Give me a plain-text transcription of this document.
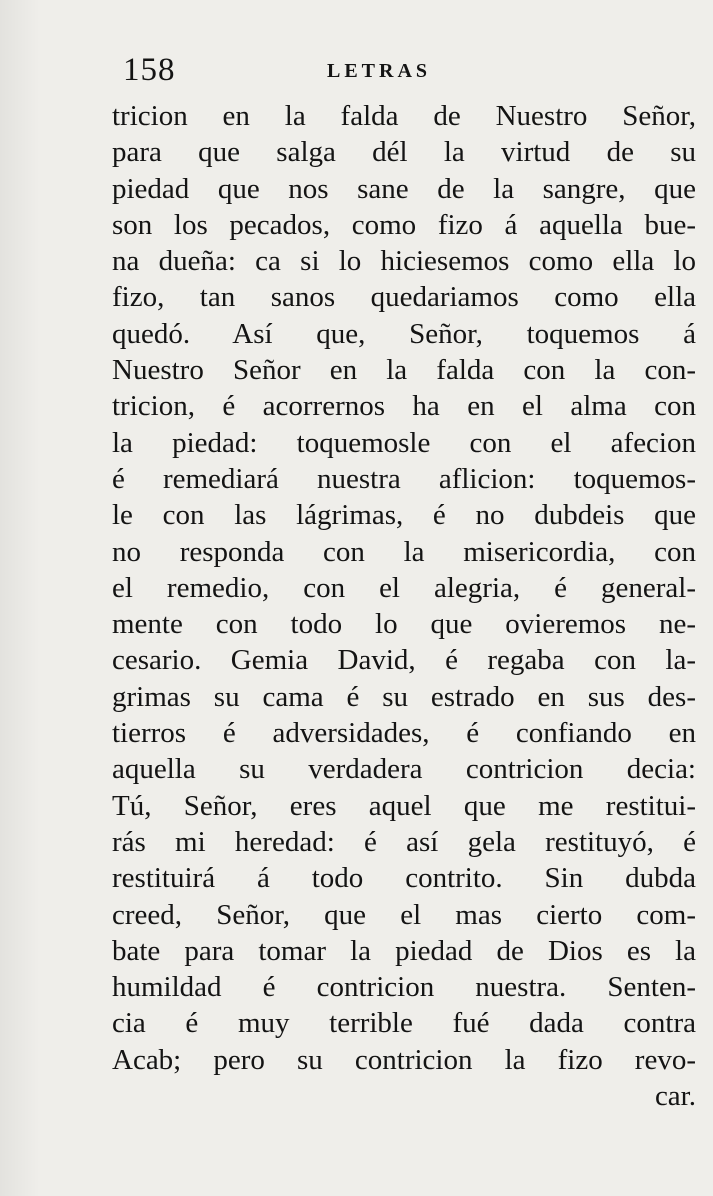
158	LETRAS
tricion en la falda de Nuestro Señor,
para que salga dél la virtud de su
piedad que nos sane de la sangre, que
son los pecados, como fizo á aquella bue-
na dueña: ca si lo hiciesemos como ella lo
fizo, tan sanos quedariamos como ella
quedó. Así que, Señor, toquemos á
Nuestro Señor en la falda con la con-
tricion, é acorrernos ha en el alma con
la piedad: toquemosle con el afecion
é remediará nuestra aflicion: toquemos-
le con las lágrimas, é no dubdeis que
no responda con la misericordia, con
el remedio, con el alegria, é general-
mente con todo lo que ovieremos ne-
cesario. Gemia David, é regaba con la-
grimas su cama é su estrado en sus des-
tierros é adversidades, é confiando en
aquella su verdadera contricion decia:
Tú, Señor, eres aquel que me restitui-
rás mi heredad: é así gela restituyó, é
restituirá á todo contrito. Sin dubda
creed, Señor, que el mas cierto com-
bate para tomar la piedad de Dios es la
humildad é contricion nuestra. Senten-
cia é muy terrible fué dada contra
Acab; pero su contricion la fizo revo-
car.
